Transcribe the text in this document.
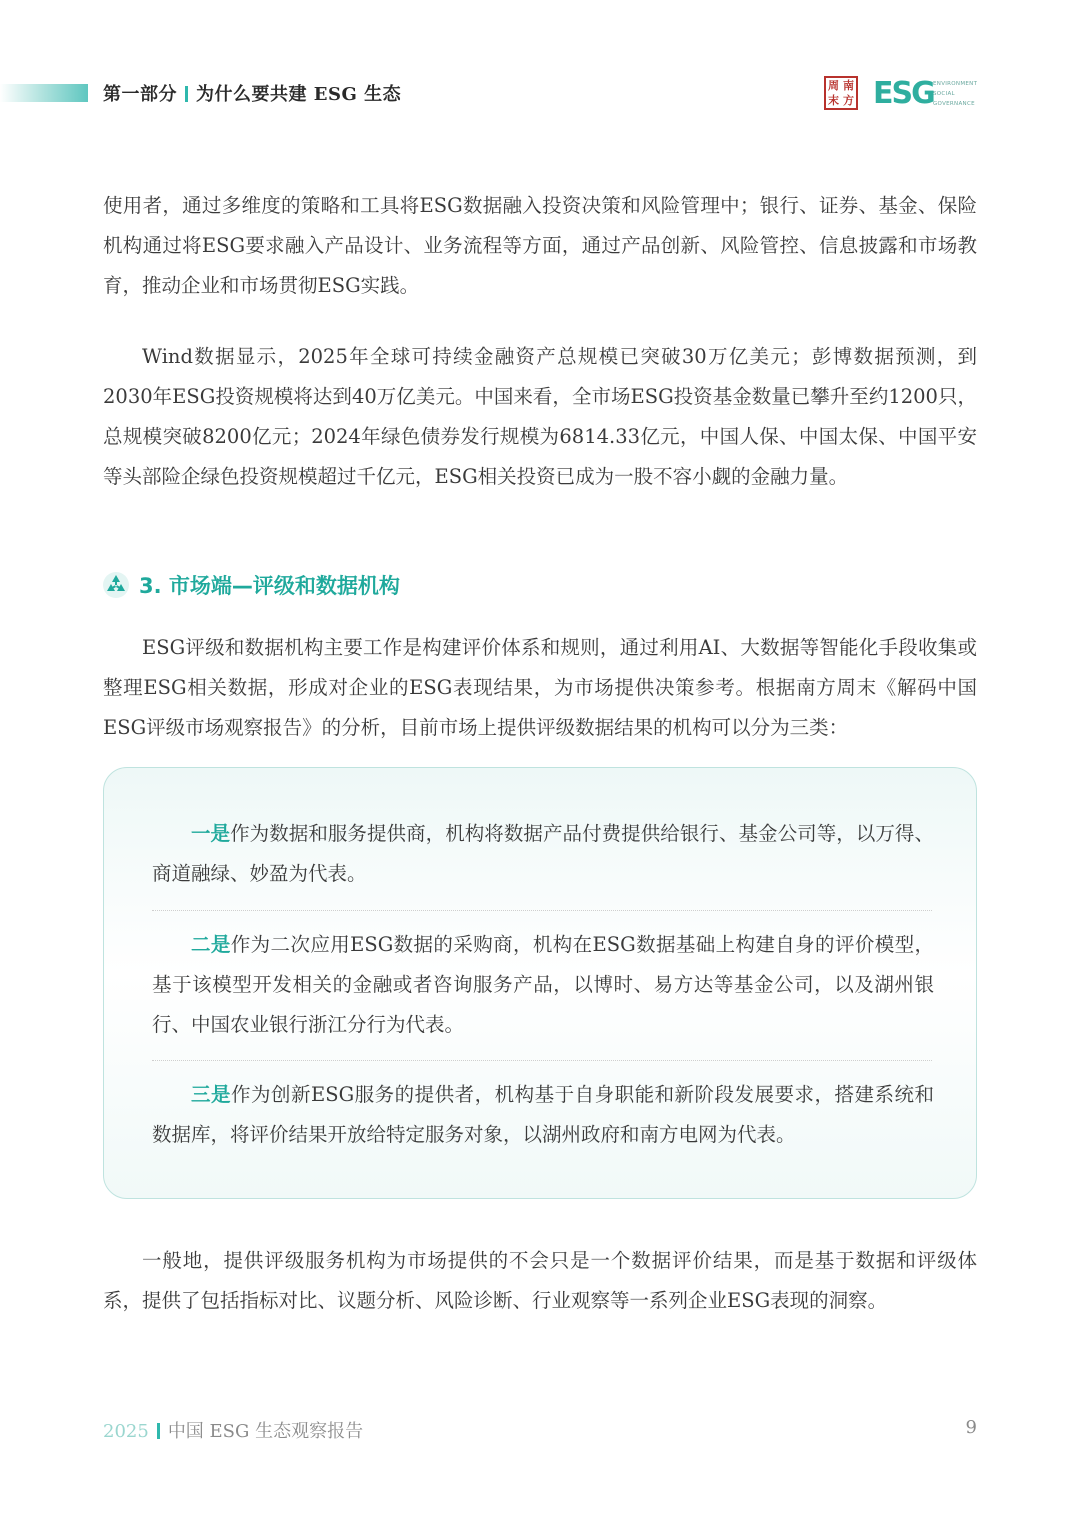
第一部分 为什么要共建 ESG 生态	周 南
末 方 ESG ENVIRONMENT
SOCIAL
GOVERNANCE

使用者，通过多维度的策略和工具将ESG数据融入投资决策和风险管理中；银行、证券、基金、保险机构通过将ESG要求融入产品设计、业务流程等方面，通过产品创新、风险管控、信息披露和市场教育，推动企业和市场贯彻ESG实践。

Wind数据显示，2025年全球可持续金融资产总规模已突破30万亿美元；彭博数据预测，到2030年ESG投资规模将达到40万亿美元。中国来看，全市场ESG投资基金数量已攀升至约1200只，总规模突破8200亿元；2024年绿色债券发行规模为6814.33亿元，中国人保、中国太保、中国平安等头部险企绿色投资规模超过千亿元，ESG相关投资已成为一股不容小觑的金融力量。

3. 市场端—评级和数据机构

ESG评级和数据机构主要工作是构建评价体系和规则，通过利用AI、大数据等智能化手段收集或整理ESG相关数据，形成对企业的ESG表现结果，为市场提供决策参考。根据南方周末《解码中国ESG评级市场观察报告》的分析，目前市场上提供评级数据结果的机构可以分为三类：

一是作为数据和服务提供商，机构将数据产品付费提供给银行、基金公司等，以万得、商道融绿、妙盈为代表。

二是作为二次应用ESG数据的采购商，机构在ESG数据基础上构建自身的评价模型，基于该模型开发相关的金融或者咨询服务产品，以博时、易方达等基金公司，以及湖州银行、中国农业银行浙江分行为代表。

三是作为创新ESG服务的提供者，机构基于自身职能和新阶段发展要求，搭建系统和数据库，将评价结果开放给特定服务对象，以湖州政府和南方电网为代表。

一般地，提供评级服务机构为市场提供的不会只是一个数据评价结果，而是基于数据和评级体系，提供了包括指标对比、议题分析、风险诊断、行业观察等一系列企业ESG表现的洞察。

2025 中国 ESG 生态观察报告	9
